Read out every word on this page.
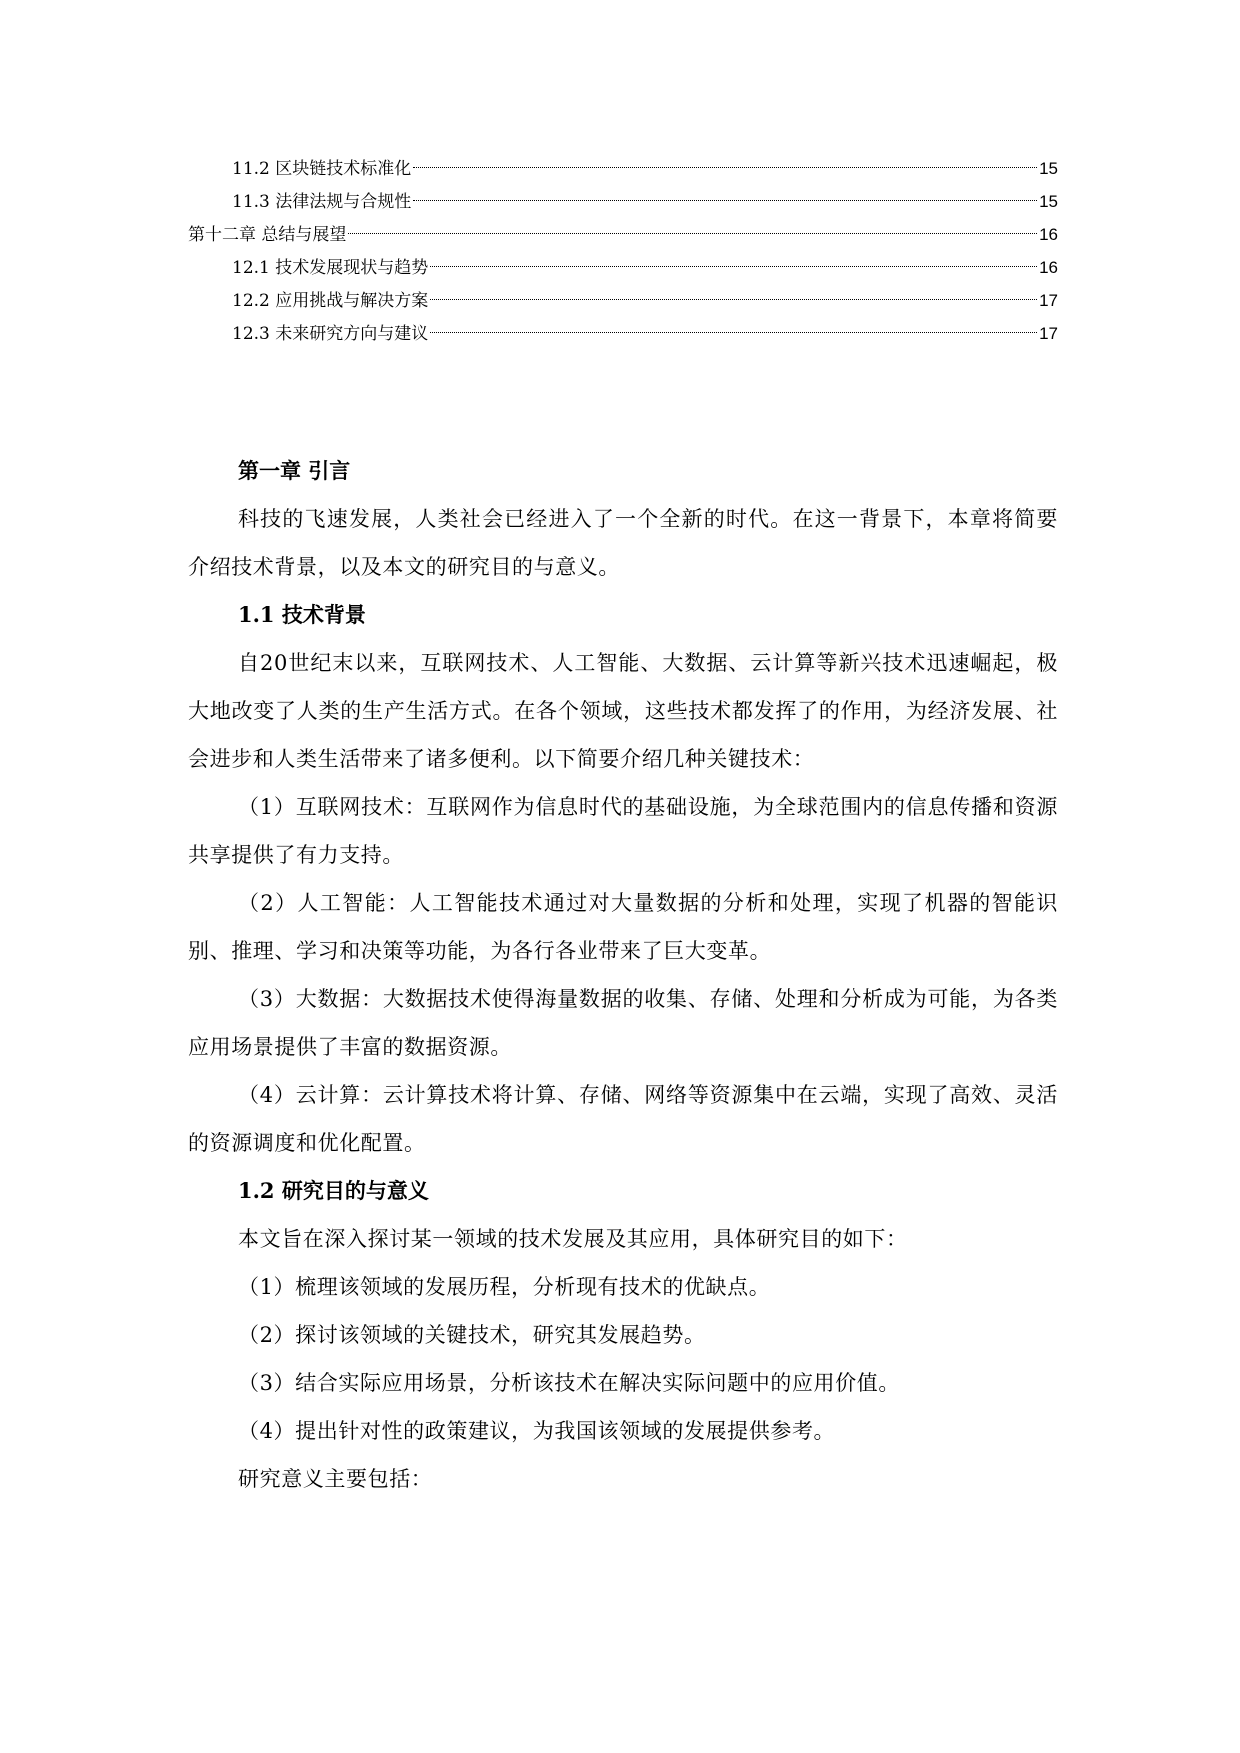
11.2 区块链技术标准化	15
11.3 法律法规与合规性	15
第十二章 总结与展望	16
12.1 技术发展现状与趋势	16
12.2 应用挑战与解决方案	17
12.3 未来研究方向与建议	17
第一章 引言

科技的飞速发展，人类社会已经进入了一个全新的时代。在这一背景下，本章将简要介绍技术背景，以及本文的研究目的与意义。

1.1 技术背景

自20世纪末以来，互联网技术、人工智能、大数据、云计算等新兴技术迅速崛起，极大地改变了人类的生产生活方式。在各个领域，这些技术都发挥了的作用，为经济发展、社会进步和人类生活带来了诸多便利。以下简要介绍几种关键技术：

（1）互联网技术：互联网作为信息时代的基础设施，为全球范围内的信息传播和资源共享提供了有力支持。

（2）人工智能：人工智能技术通过对大量数据的分析和处理，实现了机器的智能识别、推理、学习和决策等功能，为各行各业带来了巨大变革。

（3）大数据：大数据技术使得海量数据的收集、存储、处理和分析成为可能，为各类应用场景提供了丰富的数据资源。

（4）云计算：云计算技术将计算、存储、网络等资源集中在云端，实现了高效、灵活的资源调度和优化配置。

1.2 研究目的与意义

本文旨在深入探讨某一领域的技术发展及其应用，具体研究目的如下：

（1）梳理该领域的发展历程，分析现有技术的优缺点。

（2）探讨该领域的关键技术，研究其发展趋势。

（3）结合实际应用场景，分析该技术在解决实际问题中的应用价值。

（4）提出针对性的政策建议，为我国该领域的发展提供参考。

研究意义主要包括：
